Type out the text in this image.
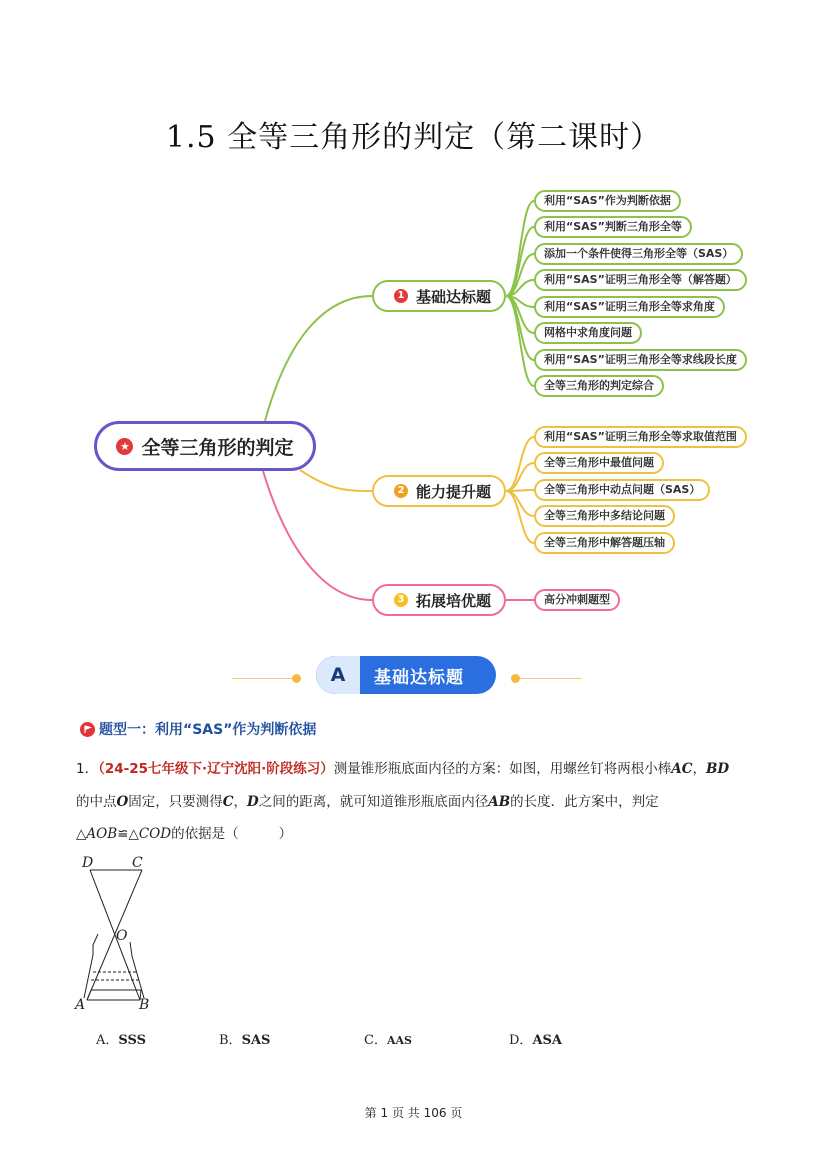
1.5 全等三角形的判定（第二课时）
★ 全等三角形的判定
1 基础达标题
利用“SAS”作为判断依据
利用“SAS”判断三角形全等
添加一个条件使得三角形全等（SAS）
利用“SAS”证明三角形全等（解答题）
利用“SAS”证明三角形全等求角度
网格中求角度问题
利用“SAS”证明三角形全等求线段长度
全等三角形的判定综合
2 能力提升题
利用“SAS”证明三角形全等求取值范围
全等三角形中最值问题
全等三角形中动点问题（SAS）
全等三角形中多结论问题
全等三角形中解答题压轴
3 拓展培优题	高分冲刺题型
A	基础达标题
题型一：利用“SAS”作为判断依据
1．（24-25七年级下·辽宁沈阳·阶段练习）测量锥形瓶底面内径的方案：如图，用螺丝钉将两根小棒AC，BD
的中点O固定，只要测得C，D之间的距离，就可知道锥形瓶底面内径AB的长度．此方案中，判定
△AOB≌△COD的依据是（	）
D	C
O
A	B
A．SSS	B．SAS	C．AAS	D．ASA
第 1 页 共 106 页
